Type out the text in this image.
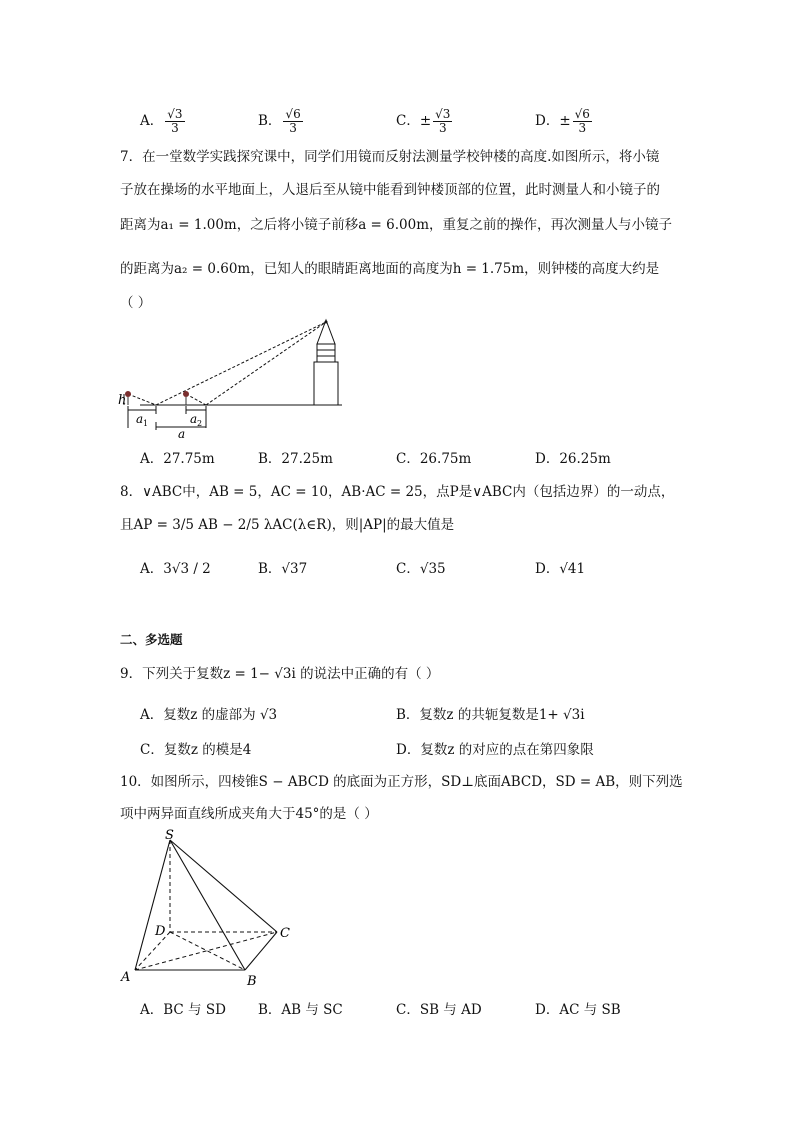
A． $\frac{√3}{3}$	B． $\frac{√6}{3}$	C．± $\frac{√3}{3}$	D．± $\frac{√6}{3}$
7．在一堂数学实践探究课中，同学们用镜而反射法测量学校钟楼的高度.如图所示，将小镜
子放在操场的水平地面上，人退后至从镜中能看到钟楼顶部的位置，此时测量人和小镜子的
距离为a₁ = 1.00m，之后将小镜子前移a = 6.00m，重复之前的操作，再次测量人与小镜子
的距离为a₂ = 0.60m，已知人的眼睛距离地面的高度为h = 1.75m，则钟楼的高度大约是
（ ）
h
a 1	a 2
a
A．27.75m	B．27.25m	C．26.75m	D．26.25m
8．∨ABC中，AB = 5，AC = 10，AB·AC = 25，点P是∨ABC内（包括边界）的一动点，
且AP = 3/5 AB − 2/5 λAC(λ∈R)，则|AP|的最大值是
A．3√3 / 2	B．√37	C．√35	D．√41
二、多选题
9．下列关于复数z = 1− √3i 的说法中正确的有（ ）
A．复数z 的虚部为 √3	B．复数z 的共轭复数是1+ √3i
C．复数z 的模是4	D．复数z 的对应的点在第四象限
10．如图所示，四棱锥S − ABCD 的底面为正方形，SD⊥底面ABCD，SD = AB，则下列选
项中两异面直线所成夹角大于45°的是（ ）
S
D	C
A	B
A．BC 与 SD B．AB 与 SC	C．SB 与 AD	D．AC 与 SB
